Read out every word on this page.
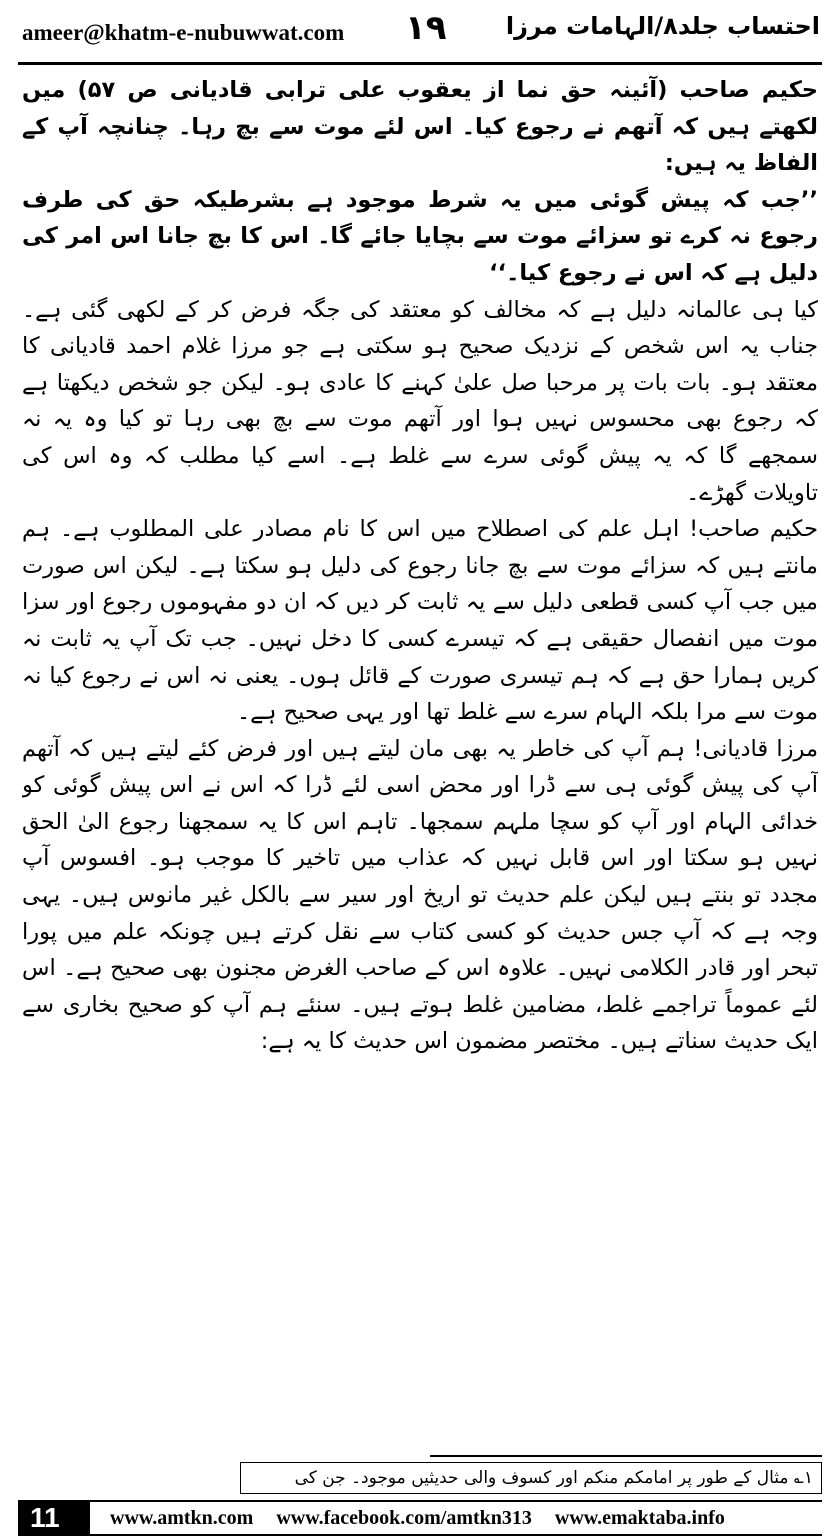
ameer@khatm-e-nubuwwat.com ۱۹ احتساب جلد۸/الہامات مرزا

حکیم صاحب (آئینہ حق نما از یعقوب علی ترابی قادیانی ص ۵۷) میں لکھتے ہیں کہ آتھم نے رجوع کیا۔ اس لئے موت سے بچ رہا۔ چنانچہ آپ کے الفاظ یہ ہیں:

’’جب کہ پیش گوئی میں یہ شرط موجود ہے بشرطیکہ حق کی طرف رجوع نہ کرے تو سزائے موت سے بچایا جائے گا۔ اس کا بچ جانا اس امر کی دلیل ہے کہ اس نے رجوع کیا۔‘‘

کیا ہی عالمانہ دلیل ہے کہ مخالف کو معتقد کی جگہ فرض کر کے لکھی گئی ہے۔ جناب یہ اس شخص کے نزدیک صحیح ہو سکتی ہے جو مرزا غلام احمد قادیانی کا معتقد ہو۔ بات بات پر مرحبا صل علیٰ کہنے کا عادی ہو۔ لیکن جو شخص دیکھتا ہے کہ رجوع بھی محسوس نہیں ہوا اور آتھم موت سے بچ بھی رہا تو کیا وہ یہ نہ سمجھے گا کہ یہ پیش گوئی سرے سے غلط ہے۔ اسے کیا مطلب کہ وہ اس کی تاویلات گھڑے۔

حکیم صاحب! اہل علم کی اصطلاح میں اس کا نام مصادر علی المطلوب ہے۔ ہم مانتے ہیں کہ سزائے موت سے بچ جانا رجوع کی دلیل ہو سکتا ہے۔ لیکن اس صورت میں جب آپ کسی قطعی دلیل سے یہ ثابت کر دیں کہ ان دو مفہوموں رجوع اور سزا موت میں انفصال حقیقی ہے کہ تیسرے کسی کا دخل نہیں۔ جب تک آپ یہ ثابت نہ کریں ہمارا حق ہے کہ ہم تیسری صورت کے قائل ہوں۔ یعنی نہ اس نے رجوع کیا نہ موت سے مرا بلکہ الہام سرے سے غلط تھا اور یہی صحیح ہے۔

مرزا قادیانی! ہم آپ کی خاطر یہ بھی مان لیتے ہیں اور فرض کئے لیتے ہیں کہ آتھم آپ کی پیش گوئی ہی سے ڈرا اور محض اسی لئے ڈرا کہ اس نے اس پیش گوئی کو خدائی الہام اور آپ کو سچا ملہم سمجھا۔ تاہم اس کا یہ سمجھنا رجوع الیٰ الحق نہیں ہو سکتا اور اس قابل نہیں کہ عذاب میں تاخیر کا موجب ہو۔ افسوس آپ مجدد تو بنتے ہیں لیکن علم حدیث تو اریخ اور سیر سے بالکل غیر مانوس ہیں۔ یہی وجہ ہے کہ آپ جس حدیث کو کسی کتاب سے نقل کرتے ہیں چونکہ علم میں پورا تبحر اور قادر الکلامی نہیں۔ علاوہ اس کے صاحب الغرض مجنون بھی صحیح ہے۔ اس لئے عموماً تراجمے غلط، مضامین غلط ہوتے ہیں۔ سنئے ہم آپ کو صحیح بخاری سے ایک حدیث سناتے ہیں۔ مختصر مضمون اس حدیث کا یہ ہے:

۱؎ مثال کے طور پر امامکم منکم اور کسوف والی حدیثیں موجود۔ جن کی
11	www.amtkn.com www.facebook.com/amtkn313 www.emaktaba.info
